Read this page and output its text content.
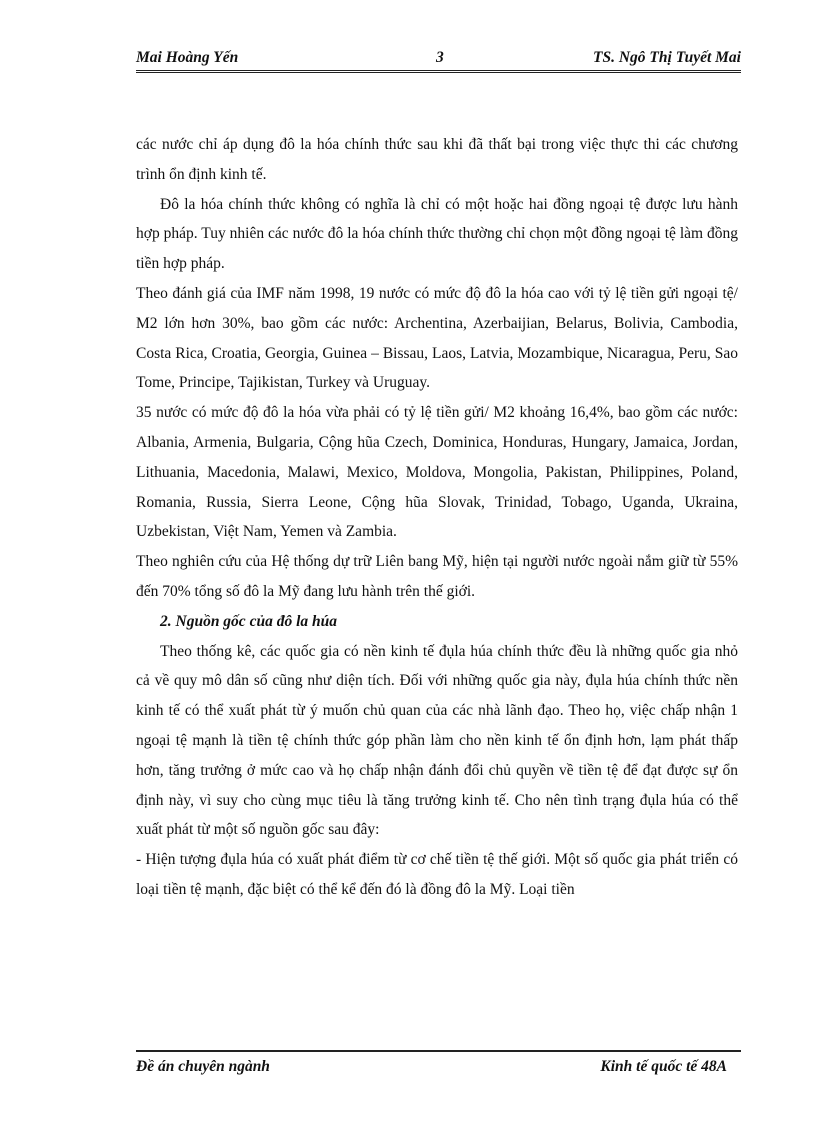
Mai Hoàng Yến	3	TS. Ngô Thị Tuyết Mai

các nước chỉ áp dụng đô la hóa chính thức sau khi đã thất bại trong việc thực thi các chương trình ổn định kinh tế.

Đô la hóa chính thức không có nghĩa là chỉ có một hoặc hai đồng ngoại tệ được lưu hành hợp pháp. Tuy nhiên các nước đô la hóa chính thức thường chỉ chọn một đồng ngoại tệ làm đồng tiền hợp pháp.

Theo đánh giá của IMF năm 1998, 19 nước có mức độ đô la hóa cao với tỷ lệ tiền gửi ngoại tệ/ M2 lớn hơn 30%, bao gồm các nước: Archentina, Azerbaijian, Belarus, Bolivia, Cambodia, Costa Rica, Croatia, Georgia, Guinea – Bissau, Laos, Latvia, Mozambique, Nicaragua, Peru, Sao Tome, Principe, Tajikistan, Turkey và Uruguay.

35 nước có mức độ đô la hóa vừa phải có tỷ lệ tiền gửi/ M2 khoảng 16,4%, bao gồm các nước: Albania, Armenia, Bulgaria, Cộng hũa Czech, Dominica, Honduras, Hungary, Jamaica, Jordan, Lithuania, Macedonia, Malawi, Mexico, Moldova, Mongolia, Pakistan, Philippines, Poland, Romania, Russia, Sierra Leone, Cộng hũa Slovak, Trinidad, Tobago, Uganda, Ukraina, Uzbekistan, Việt Nam, Yemen và Zambia.

Theo nghiên cứu của Hệ thống dự trữ Liên bang Mỹ, hiện tại người nước ngoài nắm giữ từ 55% đến 70% tổng số đô la Mỹ đang lưu hành trên thế giới.

2. Nguồn gốc của đô la húa

Theo thống kê, các quốc gia có nền kinh tế đụla húa chính thức đều là những quốc gia nhỏ cả về quy mô dân số cũng như diện tích. Đối với những quốc gia này, đụla húa chính thức nền kinh tế có thể xuất phát từ ý muốn chủ quan của các nhà lãnh đạo. Theo họ, việc chấp nhận 1 ngoại tệ mạnh là tiền tệ chính thức góp phần làm cho nền kinh tế ổn định hơn, lạm phát thấp hơn, tăng trưởng ở mức cao và họ chấp nhận đánh đổi chủ quyền về tiền tệ để đạt được sự ổn định này, vì suy cho cùng mục tiêu là tăng trưởng kinh tế. Cho nên tình trạng đụla húa có thể xuất phát từ một số nguồn gốc sau đây:

- Hiện tượng đụla húa có xuất phát điểm từ cơ chế tiền tệ thế giới. Một số quốc gia phát triển có loại tiền tệ mạnh, đặc biệt có thể kể đến đó là đồng đô la Mỹ. Loại tiền

Đề án chuyên ngành	Kinh tế quốc tế 48A
